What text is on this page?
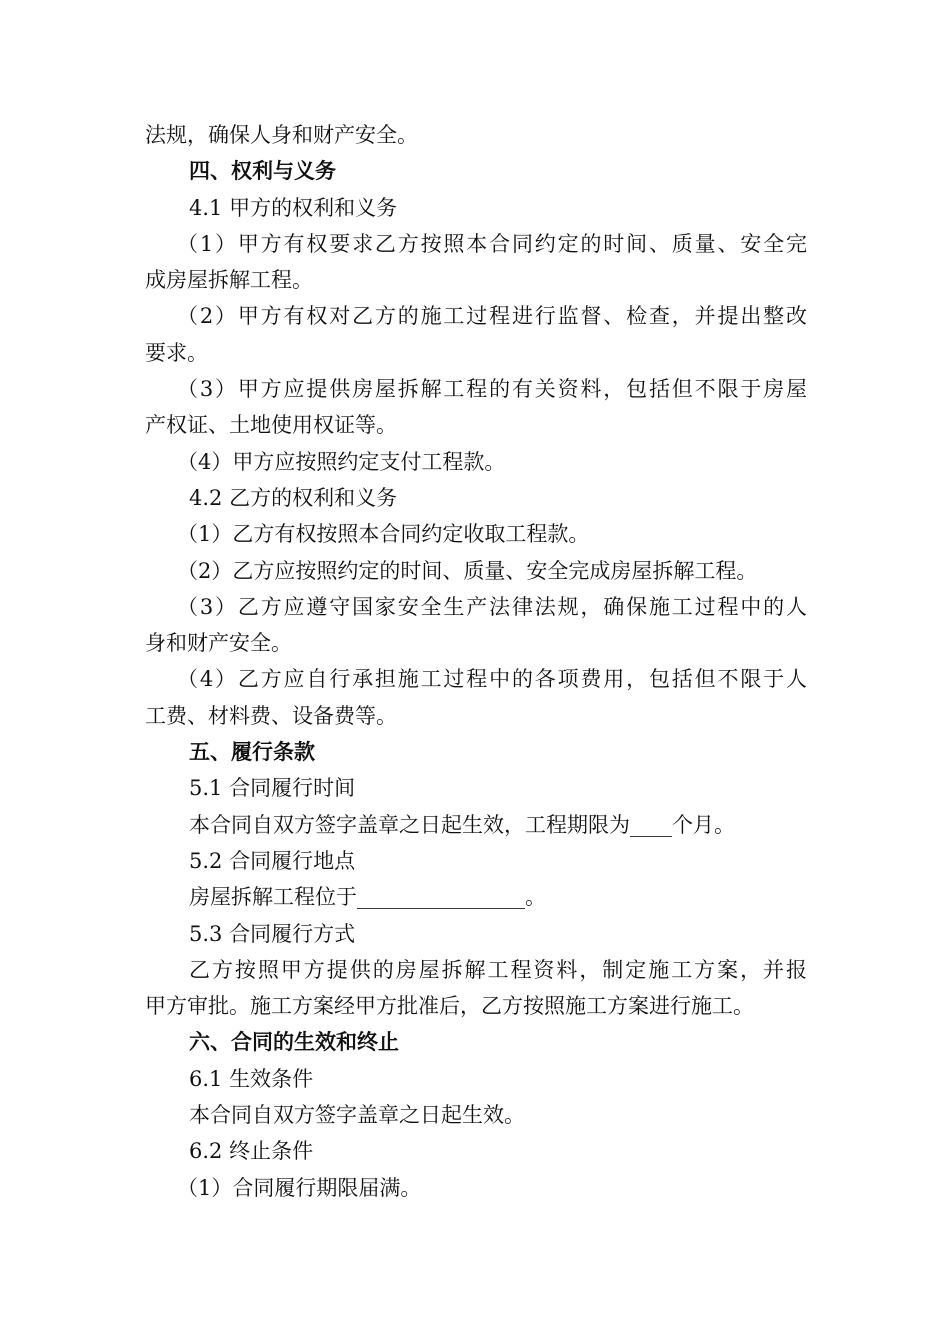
法规，确保人身和财产安全。
四、权利与义务
4.1 甲方的权利和义务
（1）甲方有权要求乙方按照本合同约定的时间、质量、安全完
成房屋拆解工程。
（2）甲方有权对乙方的施工过程进行监督、检查，并提出整改
要求。
（3）甲方应提供房屋拆解工程的有关资料，包括但不限于房屋
产权证、土地使用权证等。
（4）甲方应按照约定支付工程款。
4.2 乙方的权利和义务
（1）乙方有权按照本合同约定收取工程款。
（2）乙方应按照约定的时间、质量、安全完成房屋拆解工程。
（3）乙方应遵守国家安全生产法律法规，确保施工过程中的人
身和财产安全。
（4）乙方应自行承担施工过程中的各项费用，包括但不限于人
工费、材料费、设备费等。
五、履行条款
5.1 合同履行时间
本合同自双方签字盖章之日起生效，工程期限为____个月。
5.2 合同履行地点
房屋拆解工程位于________________。
5.3 合同履行方式
乙方按照甲方提供的房屋拆解工程资料，制定施工方案，并报
甲方审批。施工方案经甲方批准后，乙方按照施工方案进行施工。
六、合同的生效和终止
6.1 生效条件
本合同自双方签字盖章之日起生效。
6.2 终止条件
（1）合同履行期限届满。
